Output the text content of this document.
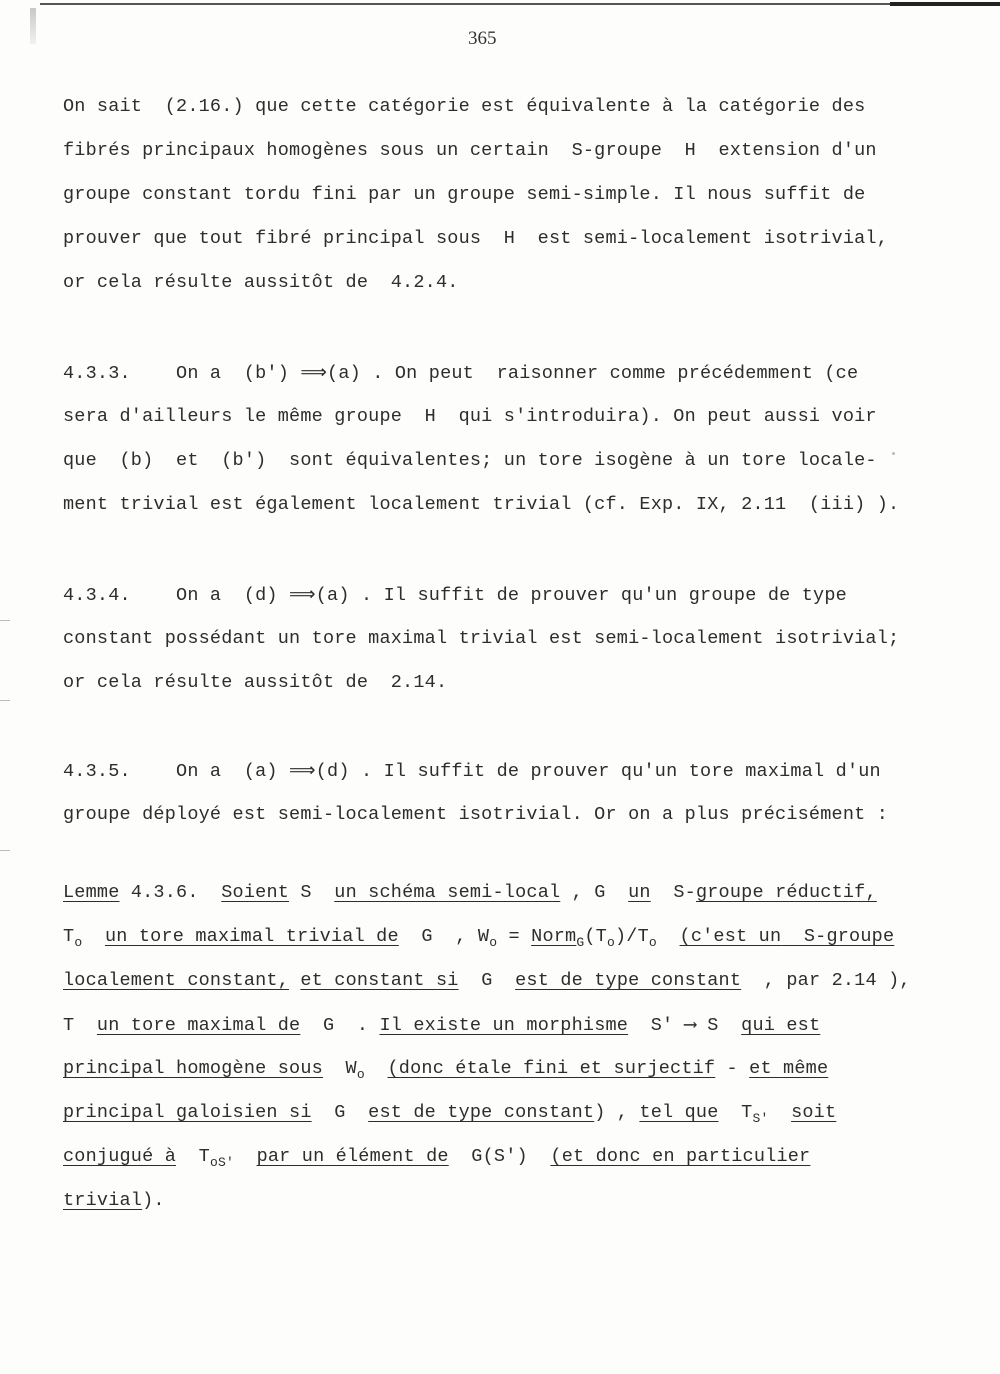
365
On sait  (2.16.) que cette catégorie est équivalente à la catégorie des
fibrés principaux homogènes sous un certain  S-groupe  H  extension d'un
groupe constant tordu fini par un groupe semi-simple. Il nous suffit de
prouver que tout fibré principal sous  H  est semi-localement isotrivial,
or cela résulte aussitôt de  4.2.4.
4.3.3.    On a  (b') ⟹(a) . On peut  raisonner comme précédemment (ce
sera d'ailleurs le même groupe  H  qui s'introduira). On peut aussi voir
que  (b)  et  (b')  sont équivalentes; un tore isogène à un tore locale-
ment trivial est également localement trivial (cf. Exp. IX, 2.11  (iii) ).
4.3.4.    On a  (d) ⟹(a) . Il suffit de prouver qu'un groupe de type
constant possédant un tore maximal trivial est semi-localement isotrivial;
or cela résulte aussitôt de  2.14.
4.3.5.    On a  (a) ⟹(d) . Il suffit de prouver qu'un tore maximal d'un
groupe déployé est semi-localement isotrivial. Or on a plus précisément :
Lemme 4.3.6.  Soient S  un schéma semi-local , G  un  S-groupe réductif,
$T_o$ un tore maximal trivial de  G  , $W_o$ = $Norm_G(T_o)/T_o$ (c'est un  S-groupe
localement constant, et constant si  G  est de type constant  , par 2.14 ),
T  un tore maximal de  G  . Il existe un morphisme  S' ⟶ S  qui est
principal homogène sous  $W_o$ (donc étale fini et surjectif - et même
principal galoisien si  G  est de type constant) , tel que  $T_{S'}$ soit
conjugué à  $T_{oS'}$ par un élément de  G(S')  (et donc en particulier
trivial).
